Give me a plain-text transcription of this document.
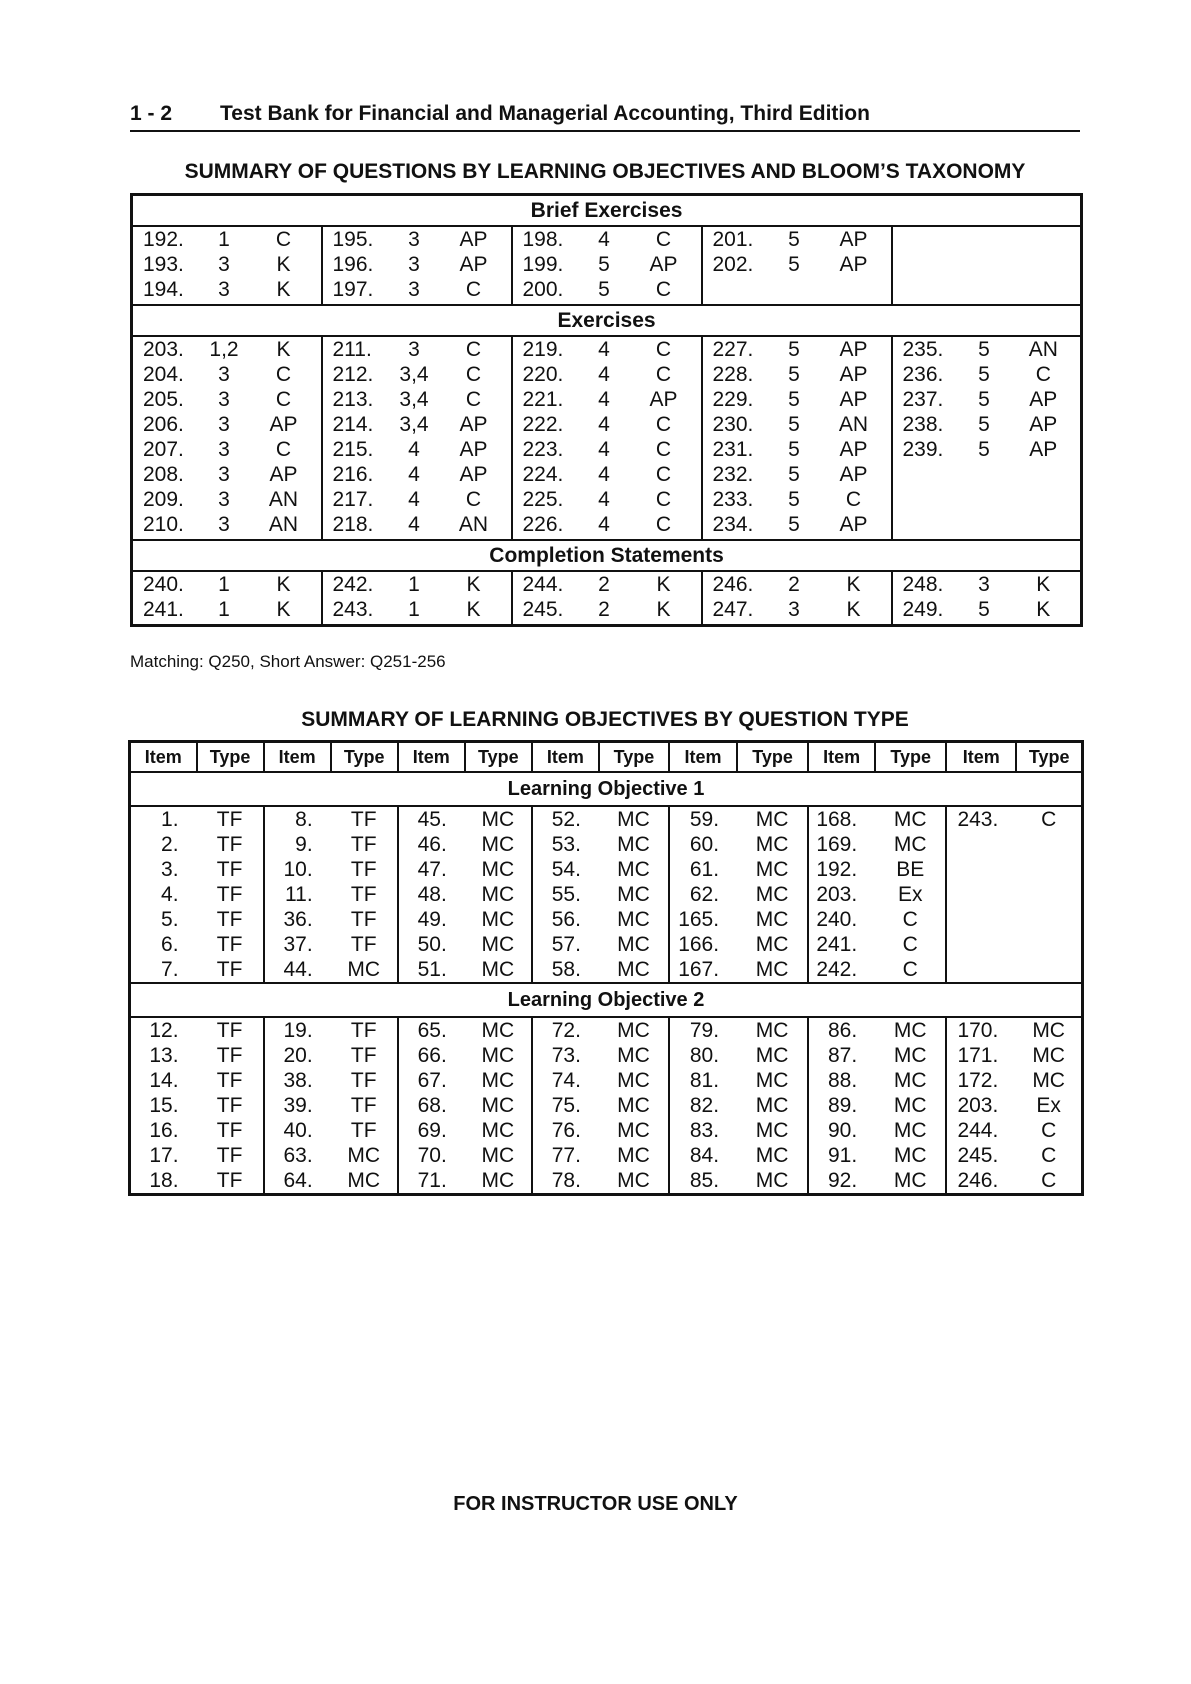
1 - 2 Test Bank for Financial and Managerial Accounting, Third Edition
SUMMARY OF QUESTIONS BY LEARNING OBJECTIVES AND BLOOM’S TAXONOMY
Brief Exercises														
192.	1	C	195.	3	AP	198.	4	C	201.	5	AP			
193.	3	K	196.	3	AP	199.	5	AP	202.	5	AP			
194.	3	K	197.	3	C	200.	5	C						
Exercises														
203.	1,2	K	211.	3	C	219.	4	C	227.	5	AP	235.	5	AN
204.	3	C	212.	3,4	C	220.	4	C	228.	5	AP	236.	5	C
205.	3	C	213.	3,4	C	221.	4	AP	229.	5	AP	237.	5	AP
206.	3	AP	214.	3,4	AP	222.	4	C	230.	5	AN	238.	5	AP
207.	3	C	215.	4	AP	223.	4	C	231.	5	AP	239.	5	AP
208.	3	AP	216.	4	AP	224.	4	C	232.	5	AP			
209.	3	AN	217.	4	C	225.	4	C	233.	5	C			
210.	3	AN	218.	4	AN	226.	4	C	234.	5	AP			
Completion Statements														
240.	1	K	242.	1	K	244.	2	K	246.	2	K	248.	3	K
241.	1	K	243.	1	K	245.	2	K	247.	3	K	249.	5	K
Matching: Q250, Short Answer: Q251-256
SUMMARY OF LEARNING OBJECTIVES BY QUESTION TYPE
Item	Type	Item	Type	Item	Type	Item	Type	Item	Type	Item	Type	Item	Type
Learning Objective 1													
1.	TF	8.	TF	45.	MC	52.	MC	59.	MC	168.	MC	243.	C
2.	TF	9.	TF	46.	MC	53.	MC	60.	MC	169.	MC		
3.	TF	10.	TF	47.	MC	54.	MC	61.	MC	192.	BE		
4.	TF	11.	TF	48.	MC	55.	MC	62.	MC	203.	Ex		
5.	TF	36.	TF	49.	MC	56.	MC	165.	MC	240.	C		
6.	TF	37.	TF	50.	MC	57.	MC	166.	MC	241.	C		
7.	TF	44.	MC	51.	MC	58.	MC	167.	MC	242.	C		
Learning Objective 2													
12.	TF	19.	TF	65.	MC	72.	MC	79.	MC	86.	MC	170.	MC
13.	TF	20.	TF	66.	MC	73.	MC	80.	MC	87.	MC	171.	MC
14.	TF	38.	TF	67.	MC	74.	MC	81.	MC	88.	MC	172.	MC
15.	TF	39.	TF	68.	MC	75.	MC	82.	MC	89.	MC	203.	Ex
16.	TF	40.	TF	69.	MC	76.	MC	83.	MC	90.	MC	244.	C
17.	TF	63.	MC	70.	MC	77.	MC	84.	MC	91.	MC	245.	C
18.	TF	64.	MC	71.	MC	78.	MC	85.	MC	92.	MC	246.	C
FOR INSTRUCTOR USE ONLY
